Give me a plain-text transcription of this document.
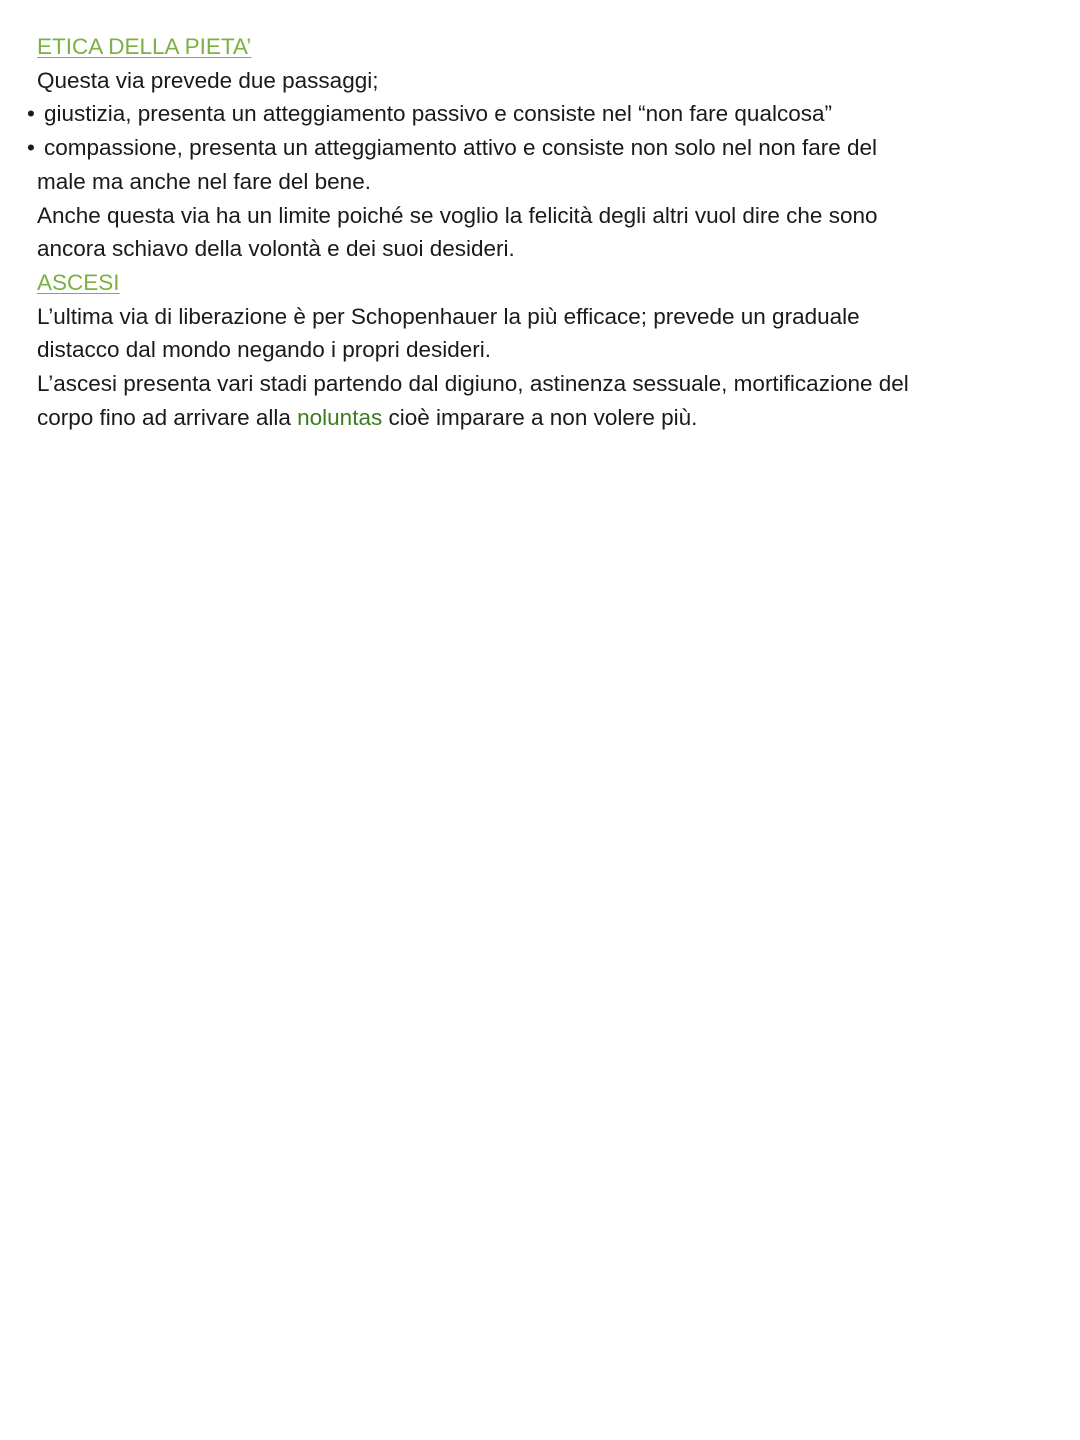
ETICA DELLA PIETA’
Questa via prevede due passaggi;
• giustizia, presenta un atteggiamento passivo e consiste nel “non fare qualcosa”
• compassione, presenta un atteggiamento attivo e consiste non solo nel non fare del
male ma anche nel fare del bene.
Anche questa via ha un limite poiché se voglio la felicità degli altri vuol dire che sono
ancora schiavo della volontà e dei suoi desideri.
ASCESI
L’ultima via di liberazione è per Schopenhauer la più efficace; prevede un graduale
distacco dal mondo negando i propri desideri.
L’ascesi presenta vari stadi partendo dal digiuno, astinenza sessuale, mortificazione del
corpo fino ad arrivare alla noluntas cioè imparare a non volere più.
